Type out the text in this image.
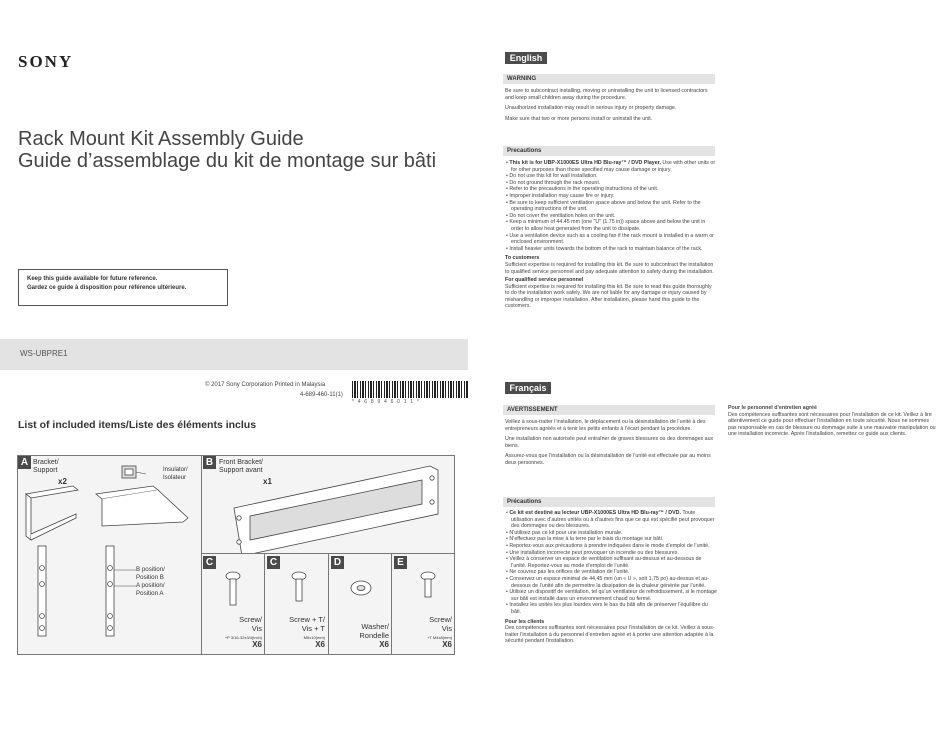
SONY
Rack Mount Kit Assembly Guide
Guide d’assemblage du kit de montage sur bâti
Keep this guide available for future reference.
Gardez ce guide à disposition pour référence ultérieure.
WS-UBPRE1
© 2017 Sony Corporation Printed in Malaysia
4-689-460-11(1)
* 4 6 8 9 4 6 0 1 1 *
List of included items/Liste des éléments inclus
A Bracket/
Support
x2
Insulator/
Isolateur
B position/
Position B
A position/
Position A
B Front Bracket/
Support avant
x1
C
Screw/
Vis
+P 3/16-32x3/4(inch)
X6
C
Screw + T/
Vis + T
M5x10(mm)
X6
D
Washer/
Rondelle
X6
E
Screw/
Vis
+T M4x8(mm)
X6
English
WARNING

Be sure to subcontract installing, moving or uninstalling the unit to licensed contractors and keep small children away during the procedure.

Unauthorized installation may result in serious injury or property damage.

Make sure that two or more persons install or uninstall the unit.

Precautions
• This kit is for UBP-X1000ES Ultra HD Blu-ray™ / DVD Player. Use with other units or for other purposes than those specified may cause damage or injury.
• Do not use this kit for wall installation.
• Do not ground through the rack mount.
• Refer to the precautions in the operating instructions of the unit.
• Improper installation may cause fire or injury.
• Be sure to keep sufficient ventilation space above and below the unit. Refer to the operating instructions of the unit.
• Do not cover the ventilation holes on the unit.
• Keep a minimum of 44.45 mm (one "U" (1.75 in)) space above and below the unit in order to allow heat generated from the unit to dissipate.
• Use a ventilation device such as a cooling fan if the rack mount is installed in a warm or enclosed environment.
• Install heavier units towards the bottom of the rack to maintain balance of the rack.
To customers
Sufficient expertise is required for installing this kit. Be sure to subcontract the installation to qualified service personnel and pay adequate attention to safety during the installation.
For qualified service personnel
Sufficient expertise is required for installing this kit. Be sure to read this guide thoroughly to do the installation work safely. We are not liable for any damage or injury caused by mishandling or improper installation. After installation, please hand this guide to the customers.
Français
AVERTISSEMENT

Veillez à sous-traiter l’installation, le déplacement ou la désinstallation de l’unité à des entrepreneurs agréés et à tenir les petits enfants à l’écart pendant la procédure.

Une installation non autorisée peut entraîner de graves blessures ou des dommages aux biens.

Assurez-vous que l’installation ou la désinstallation de l’unité est effectuée par au moins deux personnes.

Précautions
• Ce kit est destiné au lecteur UBP-X1000ES Ultra HD Blu-ray™ / DVD. Toute utilisation avec d’autres unités ou à d’autres fins que ce qui est spécifié peut provoquer des dommages ou des blessures.
• N’utilisez pas ce kit pour une installation murale.
• N’effectuez pas la mise à la terre par le biais du montage sur bâti.
• Reportez-vous aux précautions à prendre indiquées dans le mode d’emploi de l’unité.
• Une installation incorrecte peut provoquer un incendie ou des blessures.
• Veillez à conserver un espace de ventilation suffisant au-dessus et au-dessous de l’unité. Reportez-vous au mode d’emploi de l’unité.
• Ne couvrez pas les orifices de ventilation de l’unité.
• Conservez un espace minimal de 44,45 mm (un « U », soit 1,75 po) au-dessus et au-dessous de l’unité afin de permettre la dissipation de la chaleur générée par l’unité.
• Utilisez un dispositif de ventilation, tel qu’un ventilateur de refroidissement, si le montage sur bâti est installé dans un environnement chaud ou fermé.
• Installez les unités les plus lourdes vers le bas du bâti afin de préserver l’équilibre du bâti.
Pour les clients
Des compétences suffisantes sont nécessaires pour l’installation de ce kit. Veillez à sous-traiter l’installation à du personnel d’entretien agréé et à porter une attention adaptée à la sécurité pendant l’installation.
Pour le personnel d’entretien agréé
Des compétences suffisantes sont nécessaires pour l’installation de ce kit. Veillez à lire attentivement ce guide pour effectuer l’installation en toute sécurité. Nous ne sommes pas responsable en cas de blessure ou dommage suite à une mauvaise manipulation ou une installation incorrecte. Après l’installation, remettez ce guide aux clients.
